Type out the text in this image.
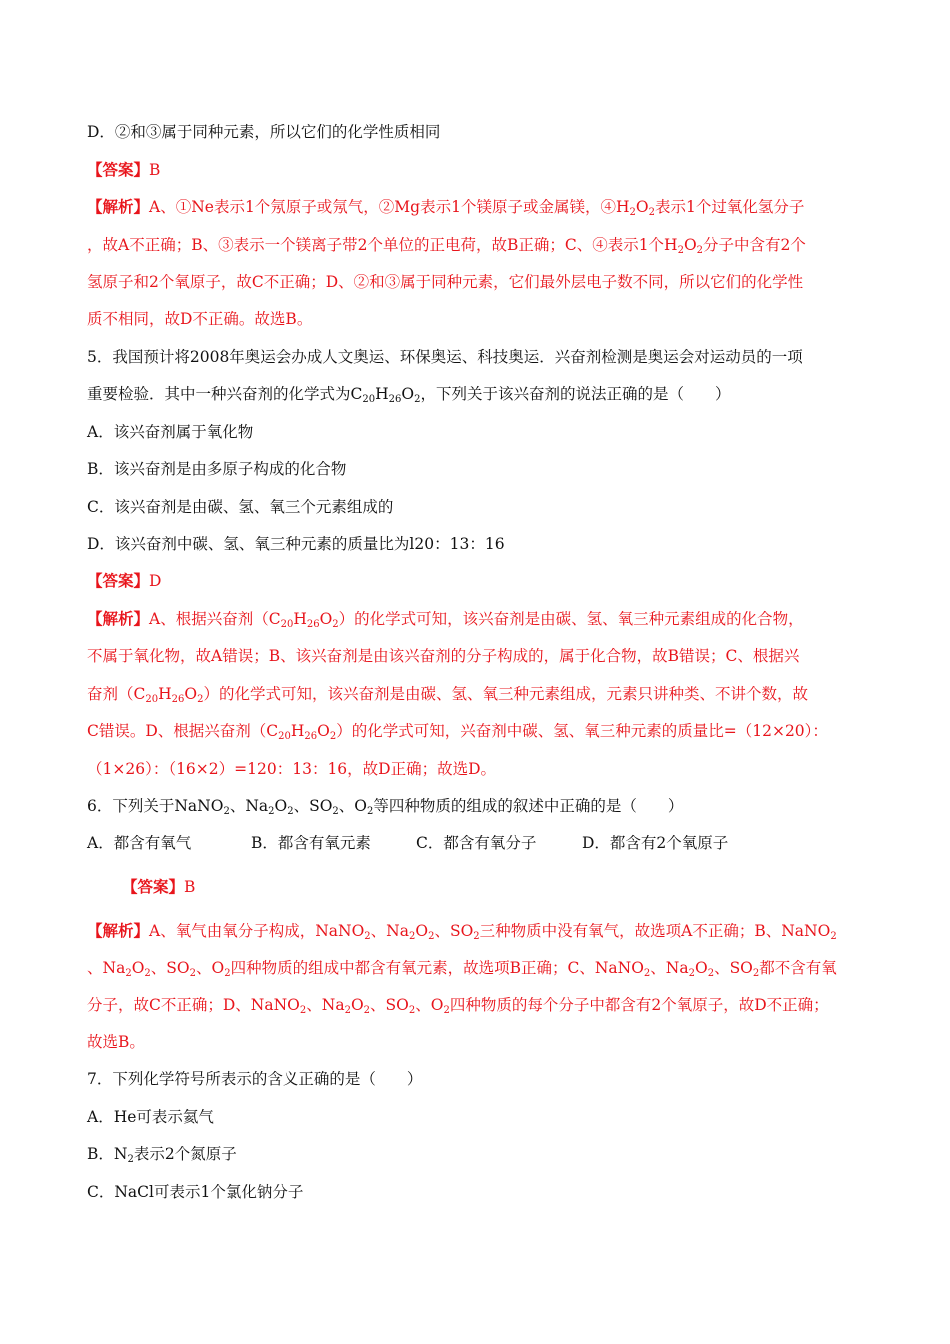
D．②和③属于同种元素，所以它们的化学性质相同
【答案】B
【解析】A、①Ne表示1个氖原子或氖气，②Mg表示1个镁原子或金属镁，$④H_2O_2$表示1个过氧化氢分子
，故A不正确；B、③表示一个镁离子带2个单位的正电荷，故B正确；C、④表示1个$H_2O_2$分子中含有2个
氢原子和2个氧原子，故C不正确；D、②和③属于同种元素，它们最外层电子数不同，所以它们的化学性
质不相同，故D不正确。故选B。
5．我国预计将2008年奥运会办成人文奥运、环保奥运、科技奥运．兴奋剂检测是奥运会对运动员的一项
重要检验．其中一种兴奋剂的化学式为$C_{20}H_{26}O_2$，下列关于该兴奋剂的说法正确的是（　　）
A．该兴奋剂属于氧化物
B．该兴奋剂是由多原子构成的化合物
C．该兴奋剂是由碳、氢、氧三个元素组成的
D．该兴奋剂中碳、氢、氧三种元素的质量比为l20：13：16
【答案】D
【解析】A、根据兴奋剂$(C_{20}H_{26}O_2)$的化学式可知，该兴奋剂是由碳、氢、氧三种元素组成的化合物，
不属于氧化物，故A错误；B、该兴奋剂是由该兴奋剂的分子构成的，属于化合物，故B错误；C、根据兴
奋剂$(C_{20}H_{26}O_2)$的化学式可知，该兴奋剂是由碳、氢、氧三种元素组成，元素只讲种类、不讲个数，故
C错误。D、根据兴奋剂$(C_{20}H_{26}O_2)$的化学式可知，兴奋剂中碳、氢、氧三种元素的质量比=（12×20）：
（1×26）：（16×2）=120：13：16，故D正确；故选D。
6．下列关于NaNO$_2$、$Na_2O_2$、$SO_2$、$O_2$等四种物质的组成的叙述中正确的是（　　）
A．都含有氧气	B．都含有氧元素	C．都含有氧分子	D．都含有2个氧原子
【答案】B
【解析】A、氧气由氧分子构成，NaNO$_2$、$Na_2O_2$、$SO_2$三种物质中没有氧气，故选项A不正确；B、NaNO$_2$
、$Na_2O_2$、$SO_2$、$O_2$四种物质的组成中都含有氧元素，故选项B正确；C、NaNO$_2$、$Na_2O_2$、$SO_2$都不含有氧
分子，故C不正确；D、NaNO$_2$、$Na_2O_2$、$SO_2$、$O_2$四种物质的每个分子中都含有2个氧原子，故D不正确；
故选B。
7．下列化学符号所表示的含义正确的是（　　）
A．He可表示氦气
B．$N_2$表示2个氮原子
C．NaCl可表示1个氯化钠分子
